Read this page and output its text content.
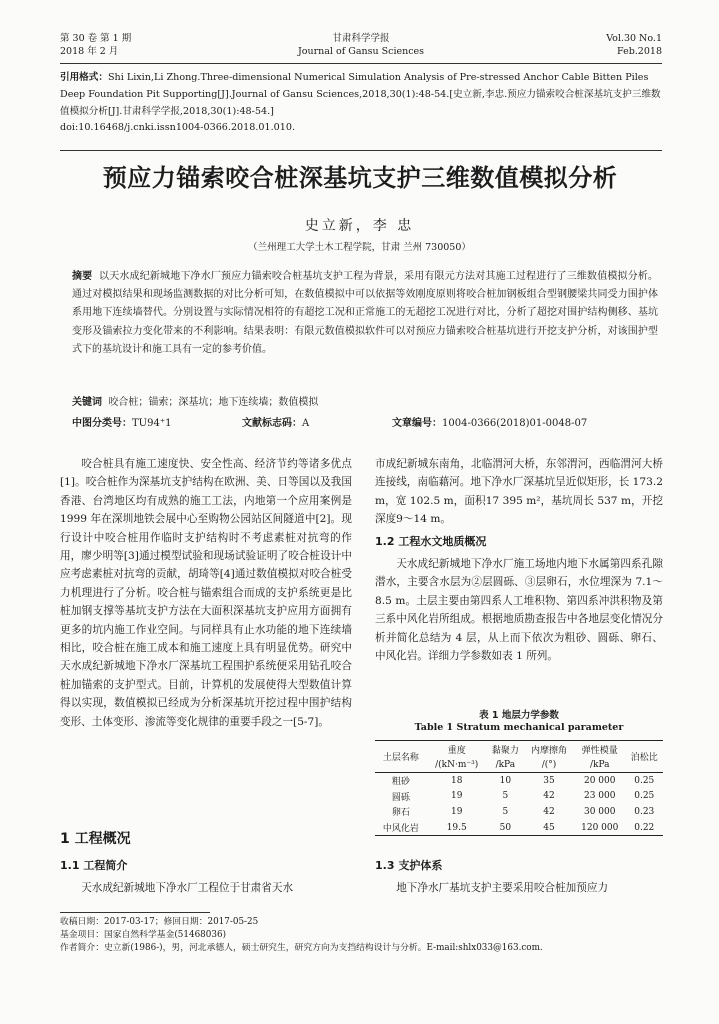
第 30 卷 第 1 期
2018 年 2 月
甘肃科学学报
Journal of Gansu Sciences
Vol.30 No.1
Feb.2018
引用格式：Shi Lixin,Li Zhong.Three-dimensional Numerical Simulation Analysis of Pre-stressed Anchor Cable Bitten Piles Deep Foundation Pit Supporting[J].Journal of Gansu Sciences,2018,30(1):48-54.[史立新,李忠.预应力锚索咬合桩深基坑支护三维数值模拟分析[J].甘肃科学学报,2018,30(1):48-54.]
doi:10.16468/j.cnki.issn1004-0366.2018.01.010.
预应力锚索咬合桩深基坑支护三维数值模拟分析
史立新，李 忠
（兰州理工大学土木工程学院，甘肃 兰州 730050）
摘要 以天水成纪新城地下净水厂预应力锚索咬合桩基坑支护工程为背景，采用有限元方法对其施工过程进行了三维数值模拟分析。通过对模拟结果和现场监测数据的对比分析可知，在数值模拟中可以依据等效刚度原则将咬合桩加钢板组合型钢腰梁共同受力围护体系用地下连续墙替代。分别设置与实际情况相符的有超挖工况和正常施工的无超挖工况进行对比，分析了超挖对围护结构侧移、基坑变形及锚索拉力变化带来的不利影响。结果表明：有限元数值模拟软件可以对预应力锚索咬合桩基坑进行开挖支护分析，对该围护型式下的基坑设计和施工具有一定的参考价值。
关键词 咬合桩；锚索；深基坑；地下连续墙；数值模拟
中图分类号：TU94⁺1	文献标志码：A	文章编号：1004-0366(2018)01-0048-07

咬合桩具有施工速度快、安全性高、经济节约等诸多优点[1]。咬合桩作为深基坑支护结构在欧洲、美、日等国以及我国香港、台湾地区均有成熟的施工工法，内地第一个应用案例是 1999 年在深圳地铁会展中心至购物公园站区间隧道中[2]。现行设计中咬合桩用作临时支护结构时不考虑素桩对抗弯的作用，廖少明等[3]通过模型试验和现场试验证明了咬合桩设计中应考虑素桩对抗弯的贡献，胡琦等[4]通过数值模拟对咬合桩受力机理进行了分析。咬合桩与锚索组合而成的支护系统更是比桩加钢支撑等基坑支护方法在大面积深基坑支护应用方面拥有更多的坑内施工作业空间。与同样具有止水功能的地下连续墙相比，咬合桩在施工成本和施工速度上具有明显优势。研究中天水成纪新城地下净水厂深基坑工程围护系统便采用钻孔咬合桩加锚索的支护型式。目前，计算机的发展使得大型数值计算得以实现，数值模拟已经成为分析深基坑开挖过程中围护结构变形、土体变形、渗流等变化规律的重要手段之一[5-7]。

1 工程概况
1.1 工程简介

天水成纪新城地下净水厂工程位于甘肃省天水

市成纪新城东南角，北临渭河大桥，东邻渭河，西临渭河大桥连接线，南临藉河。地下净水厂深基坑呈近似矩形，长 173.2 m，宽 102.5 m，面积17 395 m²，基坑周长 537 m，开挖深度9～14 m。

1.2 工程水文地质概况

天水成纪新城地下净水厂施工场地内地下水属第四系孔隙潜水，主要含水层为②层圆砾、③层卵石，水位埋深为 7.1～8.5 m。土层主要由第四系人工堆积物、第四系冲洪积物及第三系中风化岩所组成。根据地质勘查报告中各地层变化情况分析并简化总结为 4 层，从上而下依次为粗砂、圆砾、卵石、中风化岩。详细力学参数如表 1 所列。

表 1 地层力学参数
Table 1 Stratum mechanical parameter
土层名称	重度	黏聚力	内摩擦角	弹性模量	泊松比
	/(kN·m⁻³)	/kPa	/(°)	/kPa	
粗砂	18	10	35	20 000	0.25
圆砾	19	5	42	23 000	0.25
卵石	19	5	42	30 000	0.23
中风化岩	19.5	50	45	120 000	0.22
1.3 支护体系

地下净水厂基坑支护主要采用咬合桩加预应力

收稿日期：2017-03-17；修回日期：2017-05-25
基金项目：国家自然科学基金(51468036)
作者简介：史立新(1986-)，男，河北承德人，硕士研究生，研究方向为支挡结构设计与分析。E-mail:shlx033@163.com.
